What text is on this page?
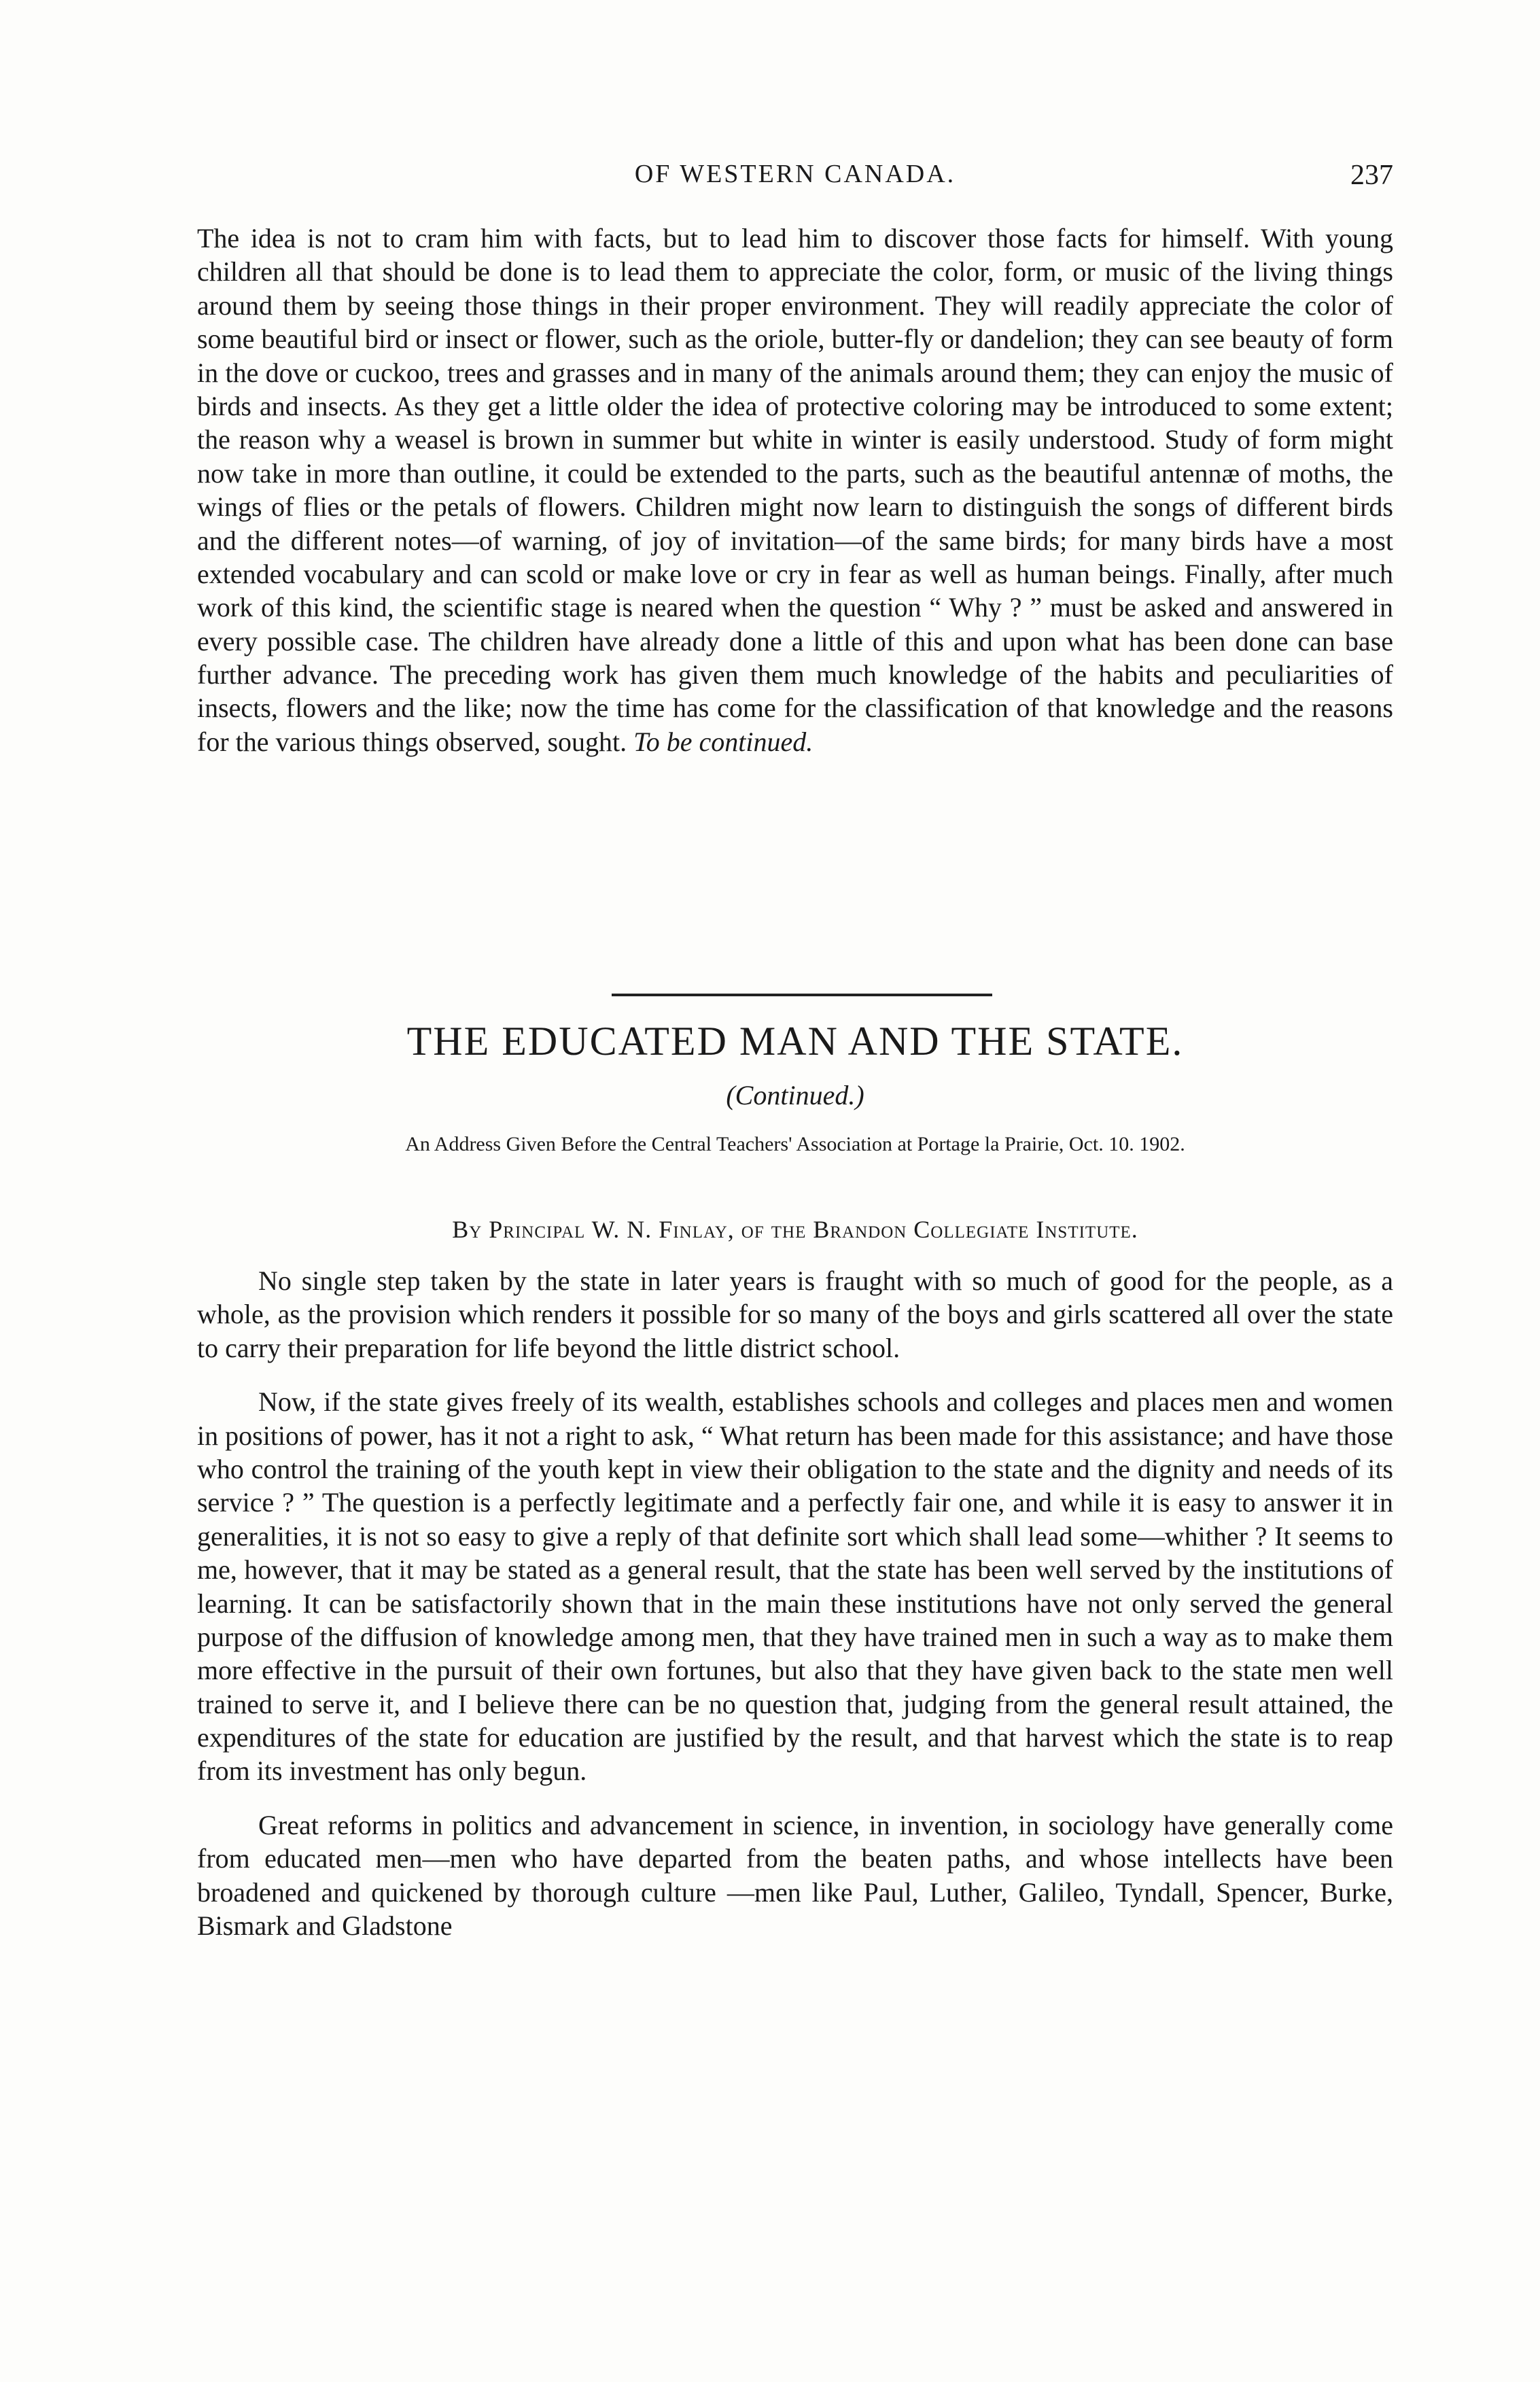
OF WESTERN CANADA.	237
The idea is not to cram him with facts, but to lead him to discover those facts for himself. With young children all that should be done is to lead them to appreciate the color, form, or music of the living things around them by seeing those things in their proper environment. They will readily appreciate the color of some beautiful bird or insect or flower, such as the oriole, butter-fly or dandelion; they can see beauty of form in the dove or cuckoo, trees and grasses and in many of the animals around them; they can enjoy the music of birds and insects. As they get a little older the idea of protective coloring may be introduced to some extent; the reason why a weasel is brown in summer but white in winter is easily understood. Study of form might now take in more than outline, it could be extended to the parts, such as the beautiful antennæ of moths, the wings of flies or the petals of flowers. Children might now learn to distinguish the songs of different birds and the different notes—of warning, of joy of invitation—of the same birds; for many birds have a most extended vocabulary and can scold or make love or cry in fear as well as human beings. Finally, after much work of this kind, the scientific stage is neared when the question “ Why ? ” must be asked and answered in every possible case. The children have already done a little of this and upon what has been done can base further advance. The preceding work has given them much knowledge of the habits and peculiarities of insects, flowers and the like; now the time has come for the classification of that knowledge and the reasons for the various things observed, sought. To be continued.
THE EDUCATED MAN AND THE STATE.
(Continued.)
An Address Given Before the Central Teachers' Association at Portage la Prairie, Oct. 10. 1902.
By Principal W. N. Finlay, of the Brandon Collegiate Institute.

No single step taken by the state in later years is fraught with so much of good for the people, as a whole, as the provision which renders it possible for so many of the boys and girls scattered all over the state to carry their preparation for life beyond the little district school.

Now, if the state gives freely of its wealth, establishes schools and colleges and places men and women in positions of power, has it not a right to ask, “ What return has been made for this assistance; and have those who control the training of the youth kept in view their obligation to the state and the dignity and needs of its service ? ” The question is a perfectly legitimate and a perfectly fair one, and while it is easy to answer it in generalities, it is not so easy to give a reply of that definite sort which shall lead some—whither ? It seems to me, however, that it may be stated as a general result, that the state has been well served by the institutions of learning. It can be satisfactorily shown that in the main these institutions have not only served the general purpose of the diffusion of knowledge among men, that they have trained men in such a way as to make them more effective in the pursuit of their own fortunes, but also that they have given back to the state men well trained to serve it, and I believe there can be no question that, judging from the general result attained, the expenditures of the state for education are justified by the result, and that harvest which the state is to reap from its investment has only begun.

Great reforms in politics and advancement in science, in invention, in sociology have generally come from educated men—men who have departed from the beaten paths, and whose intellects have been broadened and quickened by thorough culture —men like Paul, Luther, Galileo, Tyndall, Spencer, Burke, Bismark and Gladstone
